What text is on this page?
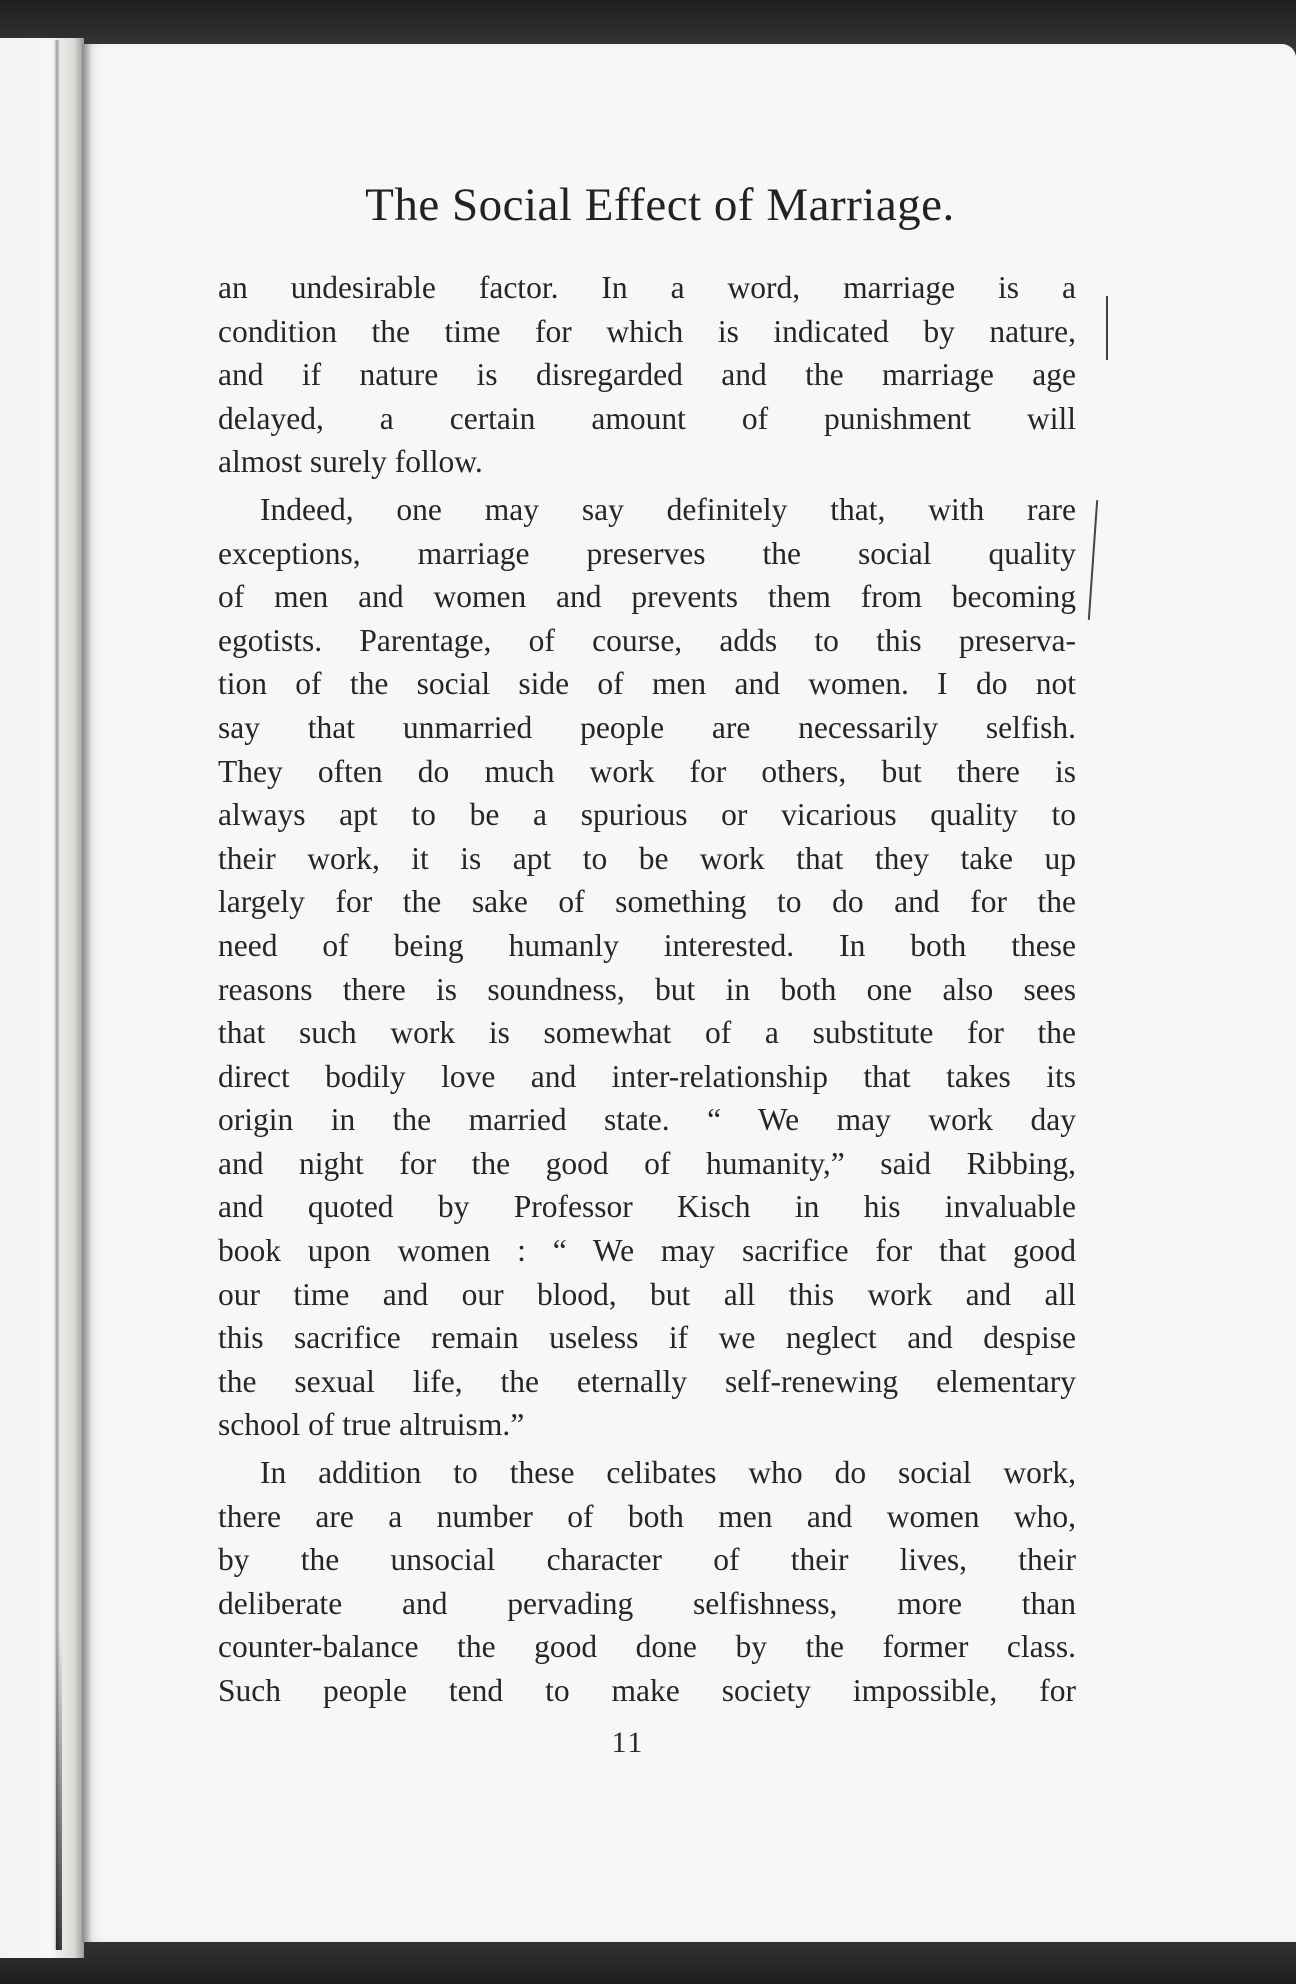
The Social Effect of Marriage.

an undesirable factor. In a word, marriage is a
condition the time for which is indicated by nature,
and if nature is disregarded and the marriage age
delayed, a certain amount of punishment will
almost surely follow.

Indeed, one may say definitely that, with rare
exceptions, marriage preserves the social quality
of men and women and prevents them from becoming
egotists. Parentage, of course, adds to this preserva-
tion of the social side of men and women. I do not
say that unmarried people are necessarily selfish.
They often do much work for others, but there is
always apt to be a spurious or vicarious quality to
their work, it is apt to be work that they take up
largely for the sake of something to do and for the
need of being humanly interested. In both these
reasons there is soundness, but in both one also sees
that such work is somewhat of a substitute for the
direct bodily love and inter-relationship that takes its
origin in the married state. “ We may work day
and night for the good of humanity,” said Ribbing,
and quoted by Professor Kisch in his invaluable
book upon women : “ We may sacrifice for that good
our time and our blood, but all this work and all
this sacrifice remain useless if we neglect and despise
the sexual life, the eternally self-renewing elementary
school of true altruism.”

In addition to these celibates who do social work,
there are a number of both men and women who,
by the unsocial character of their lives, their
deliberate and pervading selfishness, more than
counter-balance the good done by the former class.
Such people tend to make society impossible, for

11
